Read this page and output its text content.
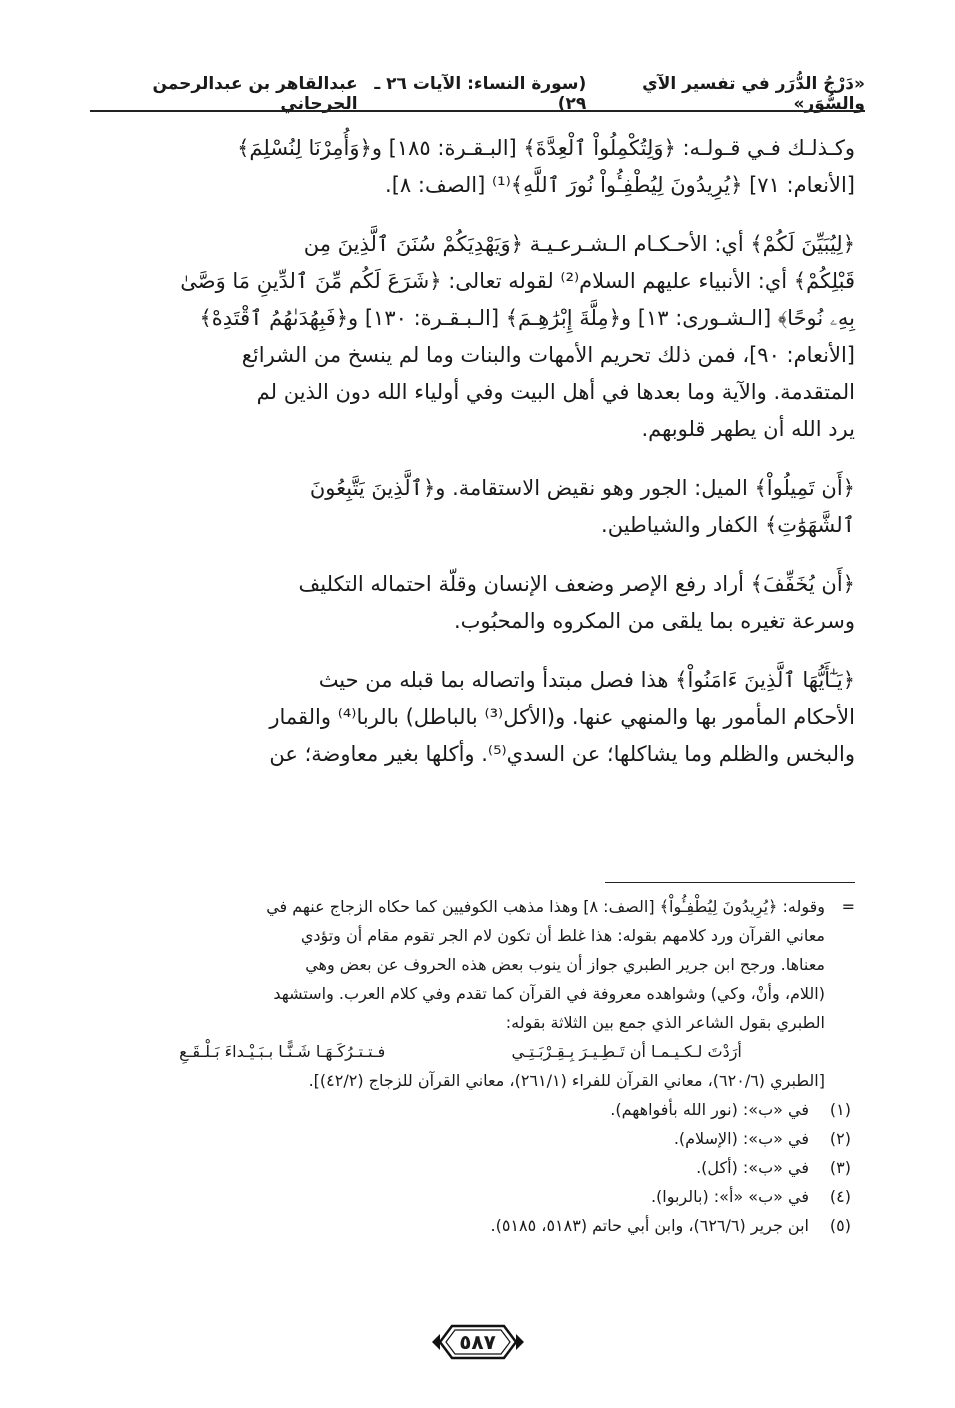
«دَرْجُ الدُّرَر في تفسير الآي والسُّوَر»
(سورة النساء: الآيات ٢٦ ـ ٢٩)
عبدالقاهر بن عبدالرحمن الجرجاني

وكـذلـك فـي قـولـه: ﴿وَلِتُكْمِلُواْ ٱلْعِدَّةَ﴾ [البـقـرة: ١٨٥] و﴿وَأُمِرْنَا لِنُسْلِمَ﴾
[الأنعام: ٧١] ﴿يُرِيدُونَ لِيُطْفِـُٔواْ نُورَ ٱللَّهِ﴾⁽¹⁾ [الصف: ٨].

﴿لِيُبَيِّنَ لَكُمْ﴾ أي: الأحـكـام الـشـرعـيـة ﴿وَيَهْدِيَكُمْ سُنَنَ ٱلَّذِينَ مِن
قَبْلِكُمْ﴾ أي: الأنبياء عليهم السلام⁽²⁾ لقوله تعالى: ﴿شَرَعَ لَكُم مِّنَ ٱلدِّينِ مَا وَصَّىٰ
بِهِۦ نُوحًا﴾ [الـشـورى: ١٣] و﴿مِلَّةَ إِبْرَٰهِـمَ﴾ [الـبـقـرة: ١٣٠] و﴿فَبِهُدَىٰهُمُ ٱقْتَدِهْ﴾
[الأنعام: ٩٠]، فمن ذلك تحريم الأمهات والبنات وما لم ينسخ من الشرائع
المتقدمة. والآية وما بعدها في أهل البيت وفي أولياء الله دون الذين لم
يرد الله أن يطهر قلوبهم.

﴿أَن تَمِيلُواْ﴾ الميل: الجور وهو نقيض الاستقامة. و﴿ٱلَّذِينَ يَتَّبِعُونَ
ٱلشَّهَوَٰتِ﴾ الكفار والشياطين.

﴿أَن يُخَفِّفَ﴾ أراد رفع الإصر وضعف الإنسان وقلّة احتماله التكليف
وسرعة تغيره بما يلقى من المكروه والمحبُوب.

﴿يَـٰٓأَيُّهَا ٱلَّذِينَ ءَامَنُواْ﴾ هذا فصل مبتدأ واتصاله بما قبله من حيث
الأحكام المأمور بها والمنهي عنها. و(الأكل⁽³⁾ بالباطل) بالربا⁽⁴⁾ والقمار
والبخس والظلم وما يشاكلها؛ عن السدي⁽⁵⁾. وأكلها بغير معاوضة؛ عن

=
وقوله: ﴿يُرِيدُونَ لِيُطْفِـُٔواْ﴾ [الصف: ٨] وهذا مذهب الكوفيين كما حكاه الزجاج عنهم في
معاني القرآن ورد كلامهم بقوله: هذا غلط أن تكون لام الجر تقوم مقام أن وتؤدي
معناها. ورجح ابن جرير الطبري جواز أن ينوب بعض هذه الحروف عن بعض وهي
(اللام، وأنْ، وكي) وشواهده معروفة في القرآن كما تقدم وفي كلام العرب. واستشهد
الطبري بقول الشاعر الذي جمع بين الثلاثة بقوله:
أرَدْتَ لـكـيـمـا أن تَـطِـيـرَ بِـقِـرْبَـتِـي
فـتـتـرُكَـهَـا شَـنًّـا بـبَـيْـداءَ بَـلْـقَـعِ
[الطبري (٦٢٠/٦)، معاني القرآن للفراء (٢٦١/١)، معاني القرآن للزجاج (٤٢/٢)].
(١)
في «ب»: (نور الله بأفواههم).
(٢)
في «ب»: (الإسلام).
(٣)
في «ب»: (أكل).
(٤)
في «ب» «أ»: (بالربوا).
(٥)
ابن جرير (٦٢٦/٦)، وابن أبي حاتم (٥١٨٣، ٥١٨٥).
٥٨٧
